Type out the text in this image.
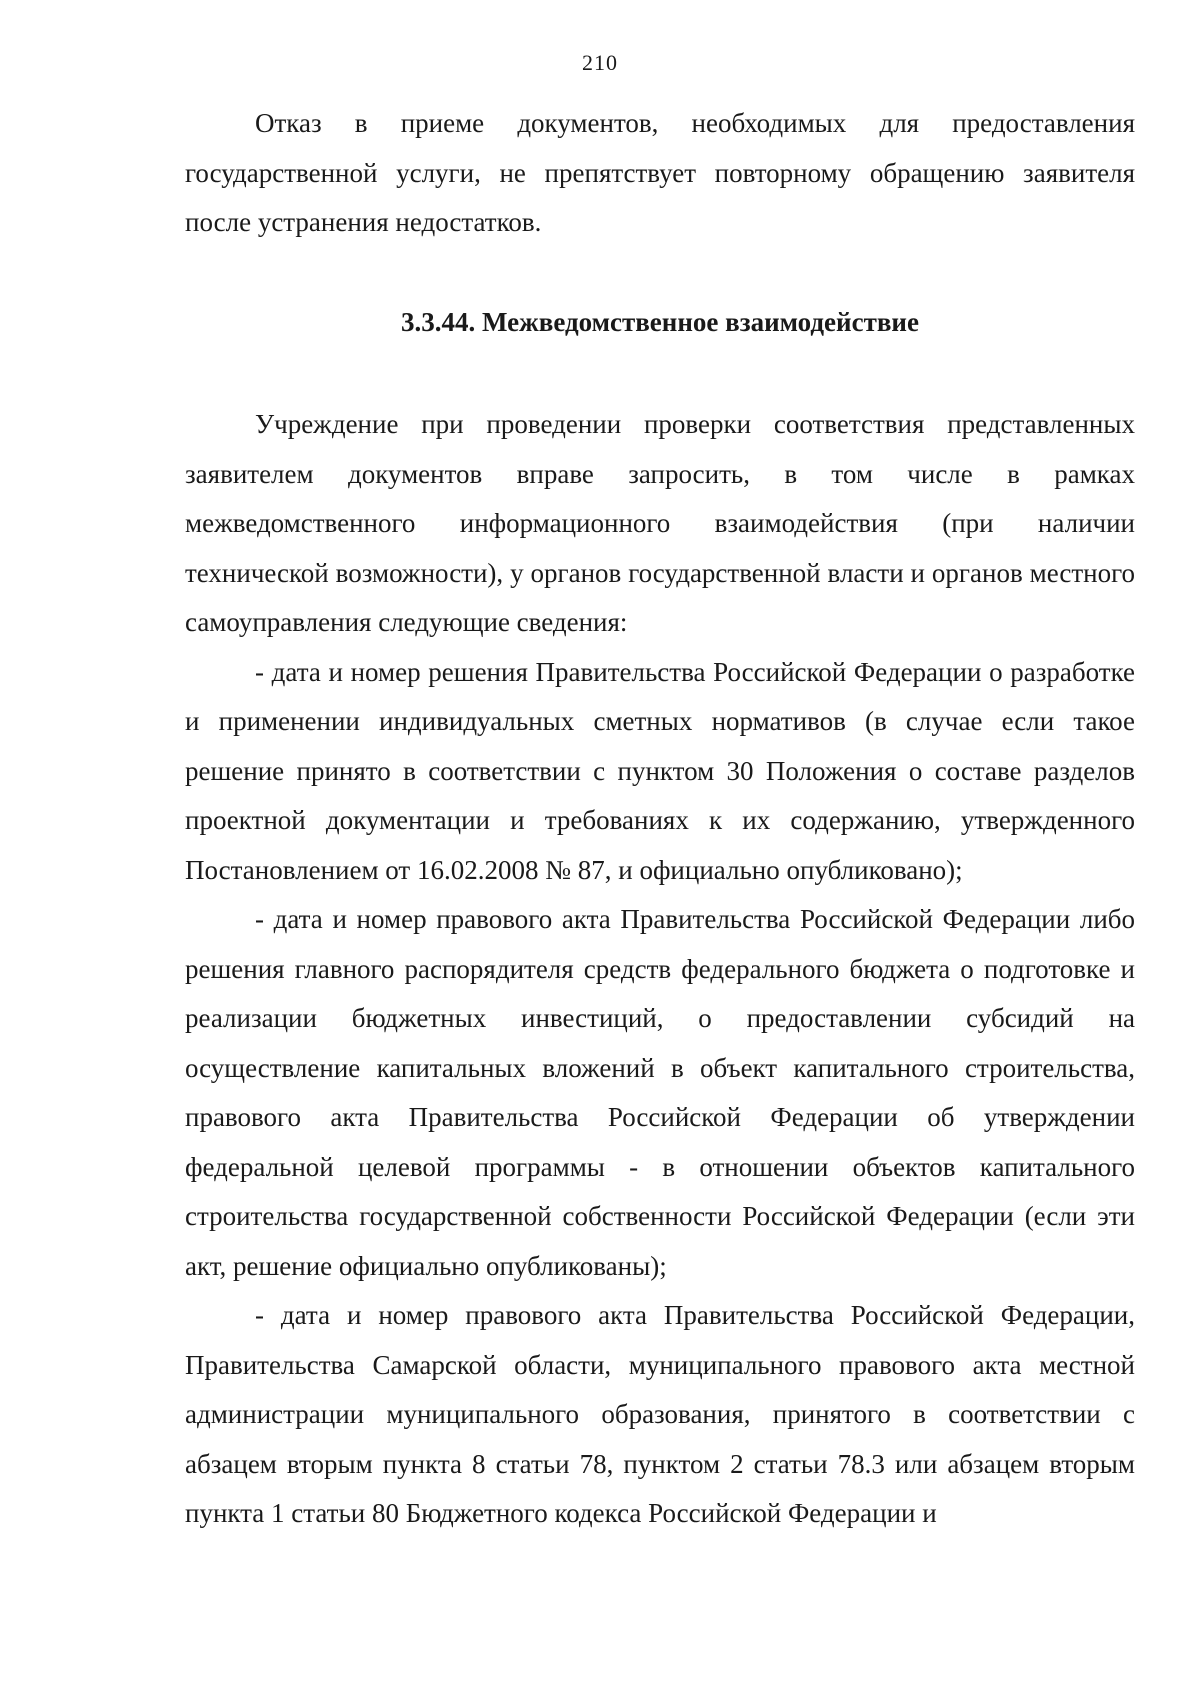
210

Отказ в приеме документов, необходимых для предоставления государственной услуги, не препятствует повторному обращению заявителя после устранения недостатков.

3.3.44. Межведомственное взаимодействие

Учреждение при проведении проверки соответствия представленных заявителем документов вправе запросить, в том числе в рамках межведомственного информационного взаимодействия (при наличии технической возможности), у органов государственной власти и органов местного самоуправления следующие сведения:

- дата и номер решения Правительства Российской Федерации о разработке и применении индивидуальных сметных нормативов (в случае если такое решение принято в соответствии с пунктом 30 Положения о составе разделов проектной документации и требованиях к их содержанию, утвержденного Постановлением от 16.02.2008 № 87, и официально опубликовано);

- дата и номер правового акта Правительства Российской Федерации либо решения главного распорядителя средств федерального бюджета о подготовке и реализации бюджетных инвестиций, о предоставлении субсидий на осуществление капитальных вложений в объект капитального строительства, правового акта Правительства Российской Федерации об утверждении федеральной целевой программы - в отношении объектов капитального строительства государственной собственности Российской Федерации (если эти акт, решение официально опубликованы);

- дата и номер правового акта Правительства Российской Федерации, Правительства Самарской области, муниципального правового акта местной администрации муниципального образования, принятого в соответствии с абзацем вторым пункта 8 статьи 78, пунктом 2 статьи 78.3 или абзацем вторым пункта 1 статьи 80 Бюджетного кодекса Российской Федерации и
